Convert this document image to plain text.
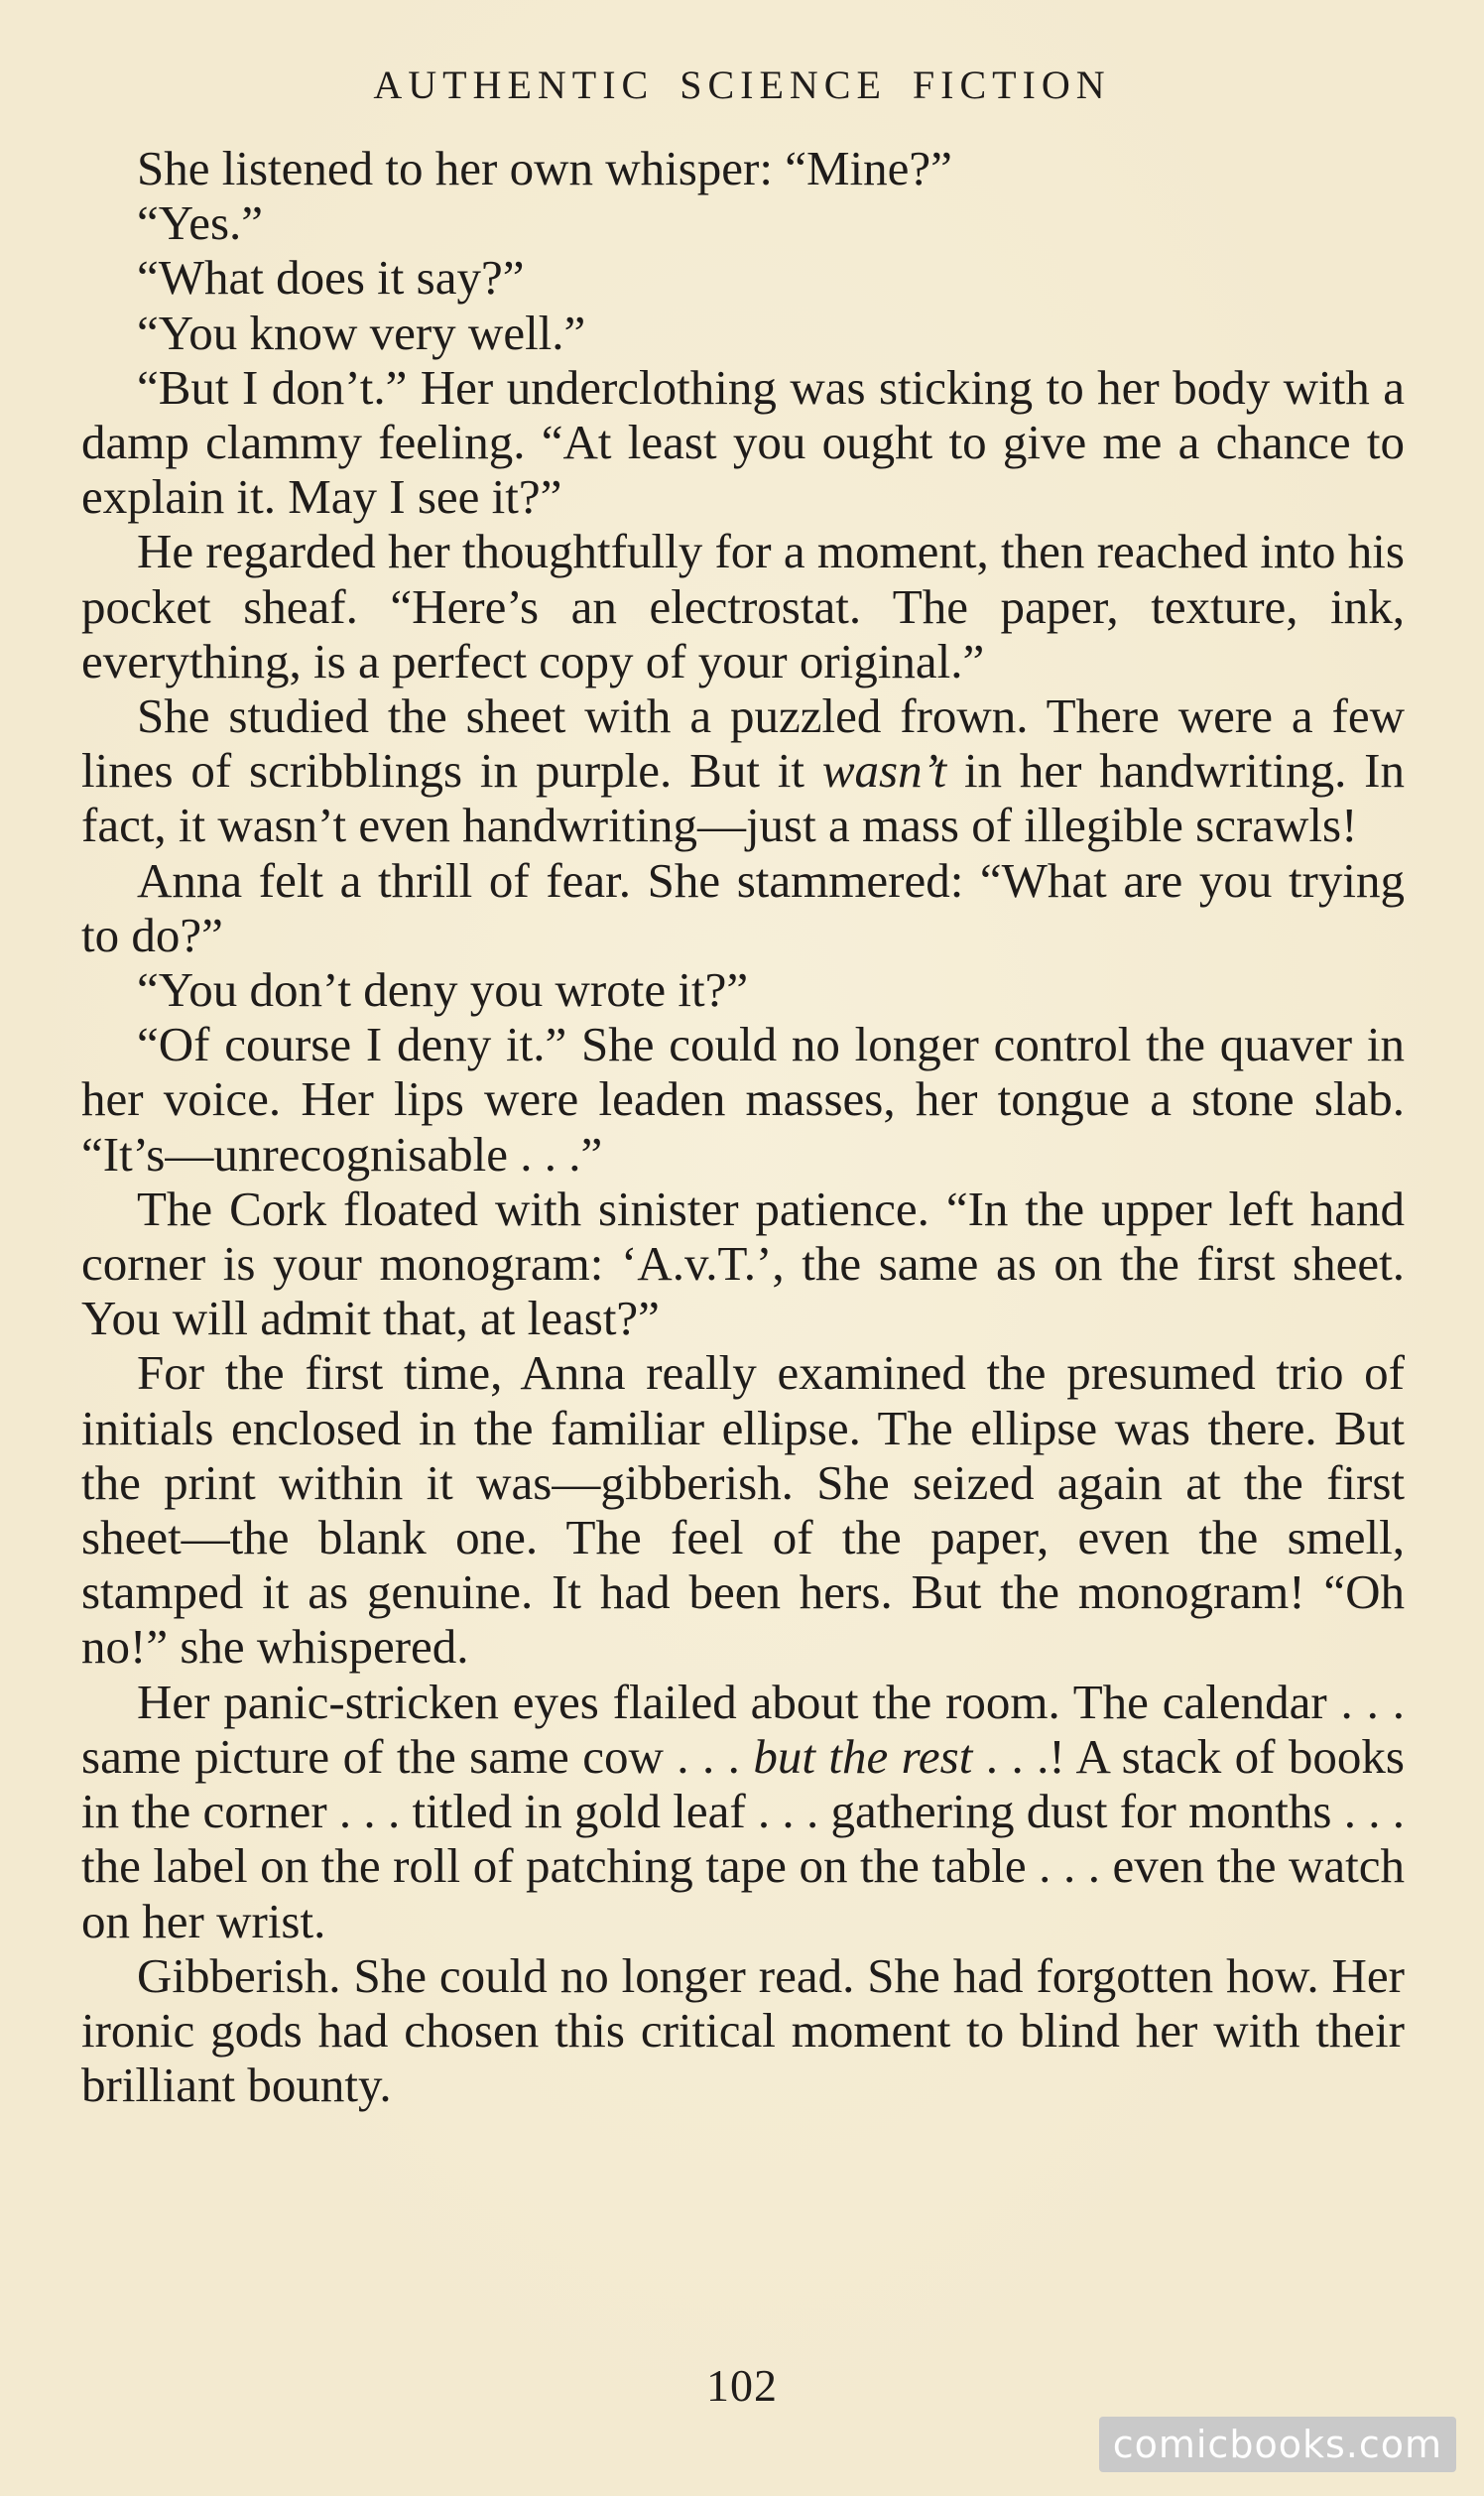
AUTHENTIC SCIENCE FICTION

She listened to her own whisper: “Mine?”

“Yes.”

“What does it say?”

“You know very well.”

“But I don’t.” Her underclothing was sticking to her body with a damp clammy feeling. “At least you ought to give me a chance to explain it. May I see it?”

He regarded her thoughtfully for a moment, then reached into his pocket sheaf. “Here’s an electrostat. The paper, texture, ink, everything, is a perfect copy of your original.”

She studied the sheet with a puzzled frown. There were a few lines of scribblings in purple. But it wasn’t in her handwriting. In fact, it wasn’t even handwriting—just a mass of illegible scrawls!

Anna felt a thrill of fear. She stammered: “What are you trying to do?”

“You don’t deny you wrote it?”

“Of course I deny it.” She could no longer control the quaver in her voice. Her lips were leaden masses, her tongue a stone slab. “It’s—unrecognisable . . .”

The Cork floated with sinister patience. “In the upper left hand corner is your monogram: ‘A.v.T.’, the same as on the first sheet. You will admit that, at least?”

For the first time, Anna really examined the presumed trio of initials enclosed in the familiar ellipse. The ellipse was there. But the print within it was—gibberish. She seized again at the first sheet—the blank one. The feel of the paper, even the smell, stamped it as genuine. It had been hers. But the monogram! “Oh no!” she whispered.

Her panic-stricken eyes flailed about the room. The calendar . . . same picture of the same cow . . . but the rest . . .! A stack of books in the corner . . . titled in gold leaf . . . gathering dust for months . . . the label on the roll of patching tape on the table . . . even the watch on her wrist.

Gibberish. She could no longer read. She had forgotten how. Her ironic gods had chosen this critical moment to blind her with their brilliant bounty.

102
comicbooks.com
